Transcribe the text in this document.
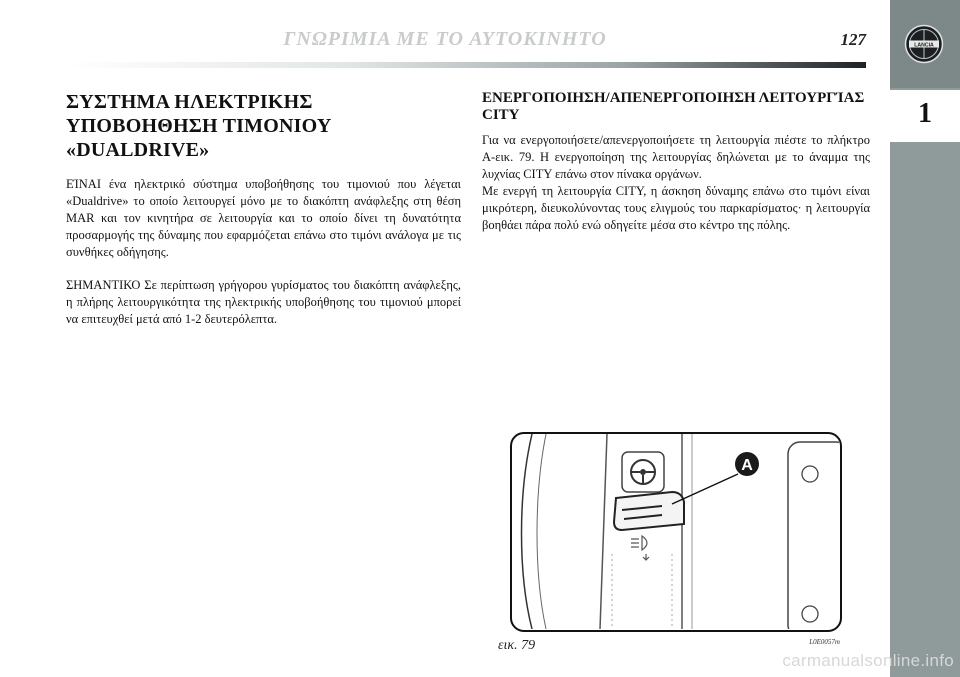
ΓΝΩΡΙΜΙΑ ΜΕ ΤΟ ΑΥΤΟΚΙΝΗΤΟ	127	LANCIA
1
ΣΥΣΤΗΜΑ ΗΛΕΚΤΡΙΚΗΣ ΥΠΟΒΟΗΘΗΣΗ ΤΙΜΟΝΙΟΥ «DUALDRIVE»

ΕΊΝΑΙ ένα ηλεκτρικό σύστημα υποβοήθησης του τιμονιού που λέγεται «Dualdrive» το οποίο λειτουργεί μόνο με το διακόπτη ανάφλεξης στη θέση MAR και τον κινητήρα σε λειτουργία και το οποίο δίνει τη δυνατότητα προσαρμογής της δύναμης που εφαρμόζεται επάνω στο τιμόνι ανάλογα με τις συνθήκες οδήγησης.

ΣΗΜΑΝΤΙΚΟ Σε περίπτωση γρήγορου γυρίσματος του διακόπτη ανάφλεξης, η πλήρης λειτουργικότητα της ηλεκτρικής υποβοήθησης του τιμονιού μπορεί να επιτευχθεί μετά από 1-2 δευτερόλεπτα.

ΕΝΕΡΓΟΠΟΙΗΣΗ/ΑΠΕΝΕΡΓΟΠΟΙΗΣΗ ΛΕΙΤΟΥΡΓΊΑΣ CITY

Για να ενεργοποιήσετε/απενεργοποιήσετε τη λειτουργία πιέστε το πλήκτρο A-εικ. 79. Η ενεργοποίηση της λειτουργίας δηλώνεται με το άναμμα της λυχνίας CITY επάνω στον πίνακα οργάνων.

Με ενεργή τη λειτουργία CITY, η άσκηση δύναμης επάνω στο τιμόνι είναι μικρότερη, διευκολύνοντας τους ελιγμούς του παρκαρίσματος· η λειτουργία βοηθάει πάρα πολύ ενώ οδηγείτε μέσα στο κέντρο της πόλης.

A
εικ. 79	L0E0057m
carmanualsonline.info
